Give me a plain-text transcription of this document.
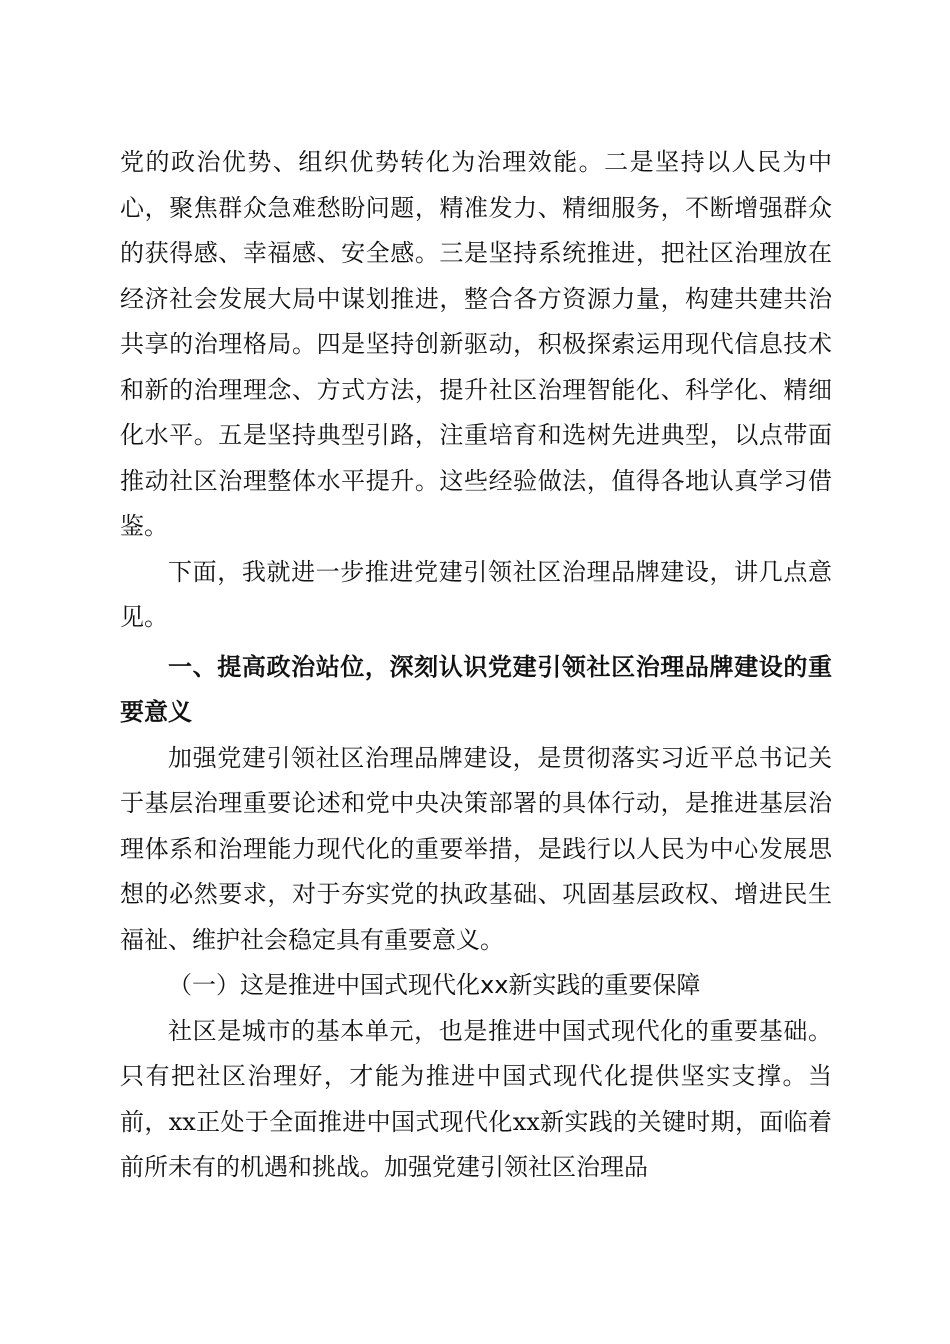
党的政治优势、组织优势转化为治理效能。二是坚持以人民为中心，聚焦群众急难愁盼问题，精准发力、精细服务，不断增强群众的获得感、幸福感、安全感。三是坚持系统推进，把社区治理放在经济社会发展大局中谋划推进，整合各方资源力量，构建共建共治共享的治理格局。四是坚持创新驱动，积极探索运用现代信息技术和新的治理理念、方式方法，提升社区治理智能化、科学化、精细化水平。五是坚持典型引路，注重培育和选树先进典型，以点带面推动社区治理整体水平提升。这些经验做法，值得各地认真学习借鉴。

下面，我就进一步推进党建引领社区治理品牌建设，讲几点意见。

一、提高政治站位，深刻认识党建引领社区治理品牌建设的重要意义

加强党建引领社区治理品牌建设，是贯彻落实习近平总书记关于基层治理重要论述和党中央决策部署的具体行动，是推进基层治理体系和治理能力现代化的重要举措，是践行以人民为中心发展思想的必然要求，对于夯实党的执政基础、巩固基层政权、增进民生福祉、维护社会稳定具有重要意义。

（一）这是推进中国式现代化xx新实践的重要保障

社区是城市的基本单元，也是推进中国式现代化的重要基础。只有把社区治理好，才能为推进中国式现代化提供坚实支撑。当前，xx正处于全面推进中国式现代化xx新实践的关键时期，面临着前所未有的机遇和挑战。加强党建引领社区治理品
